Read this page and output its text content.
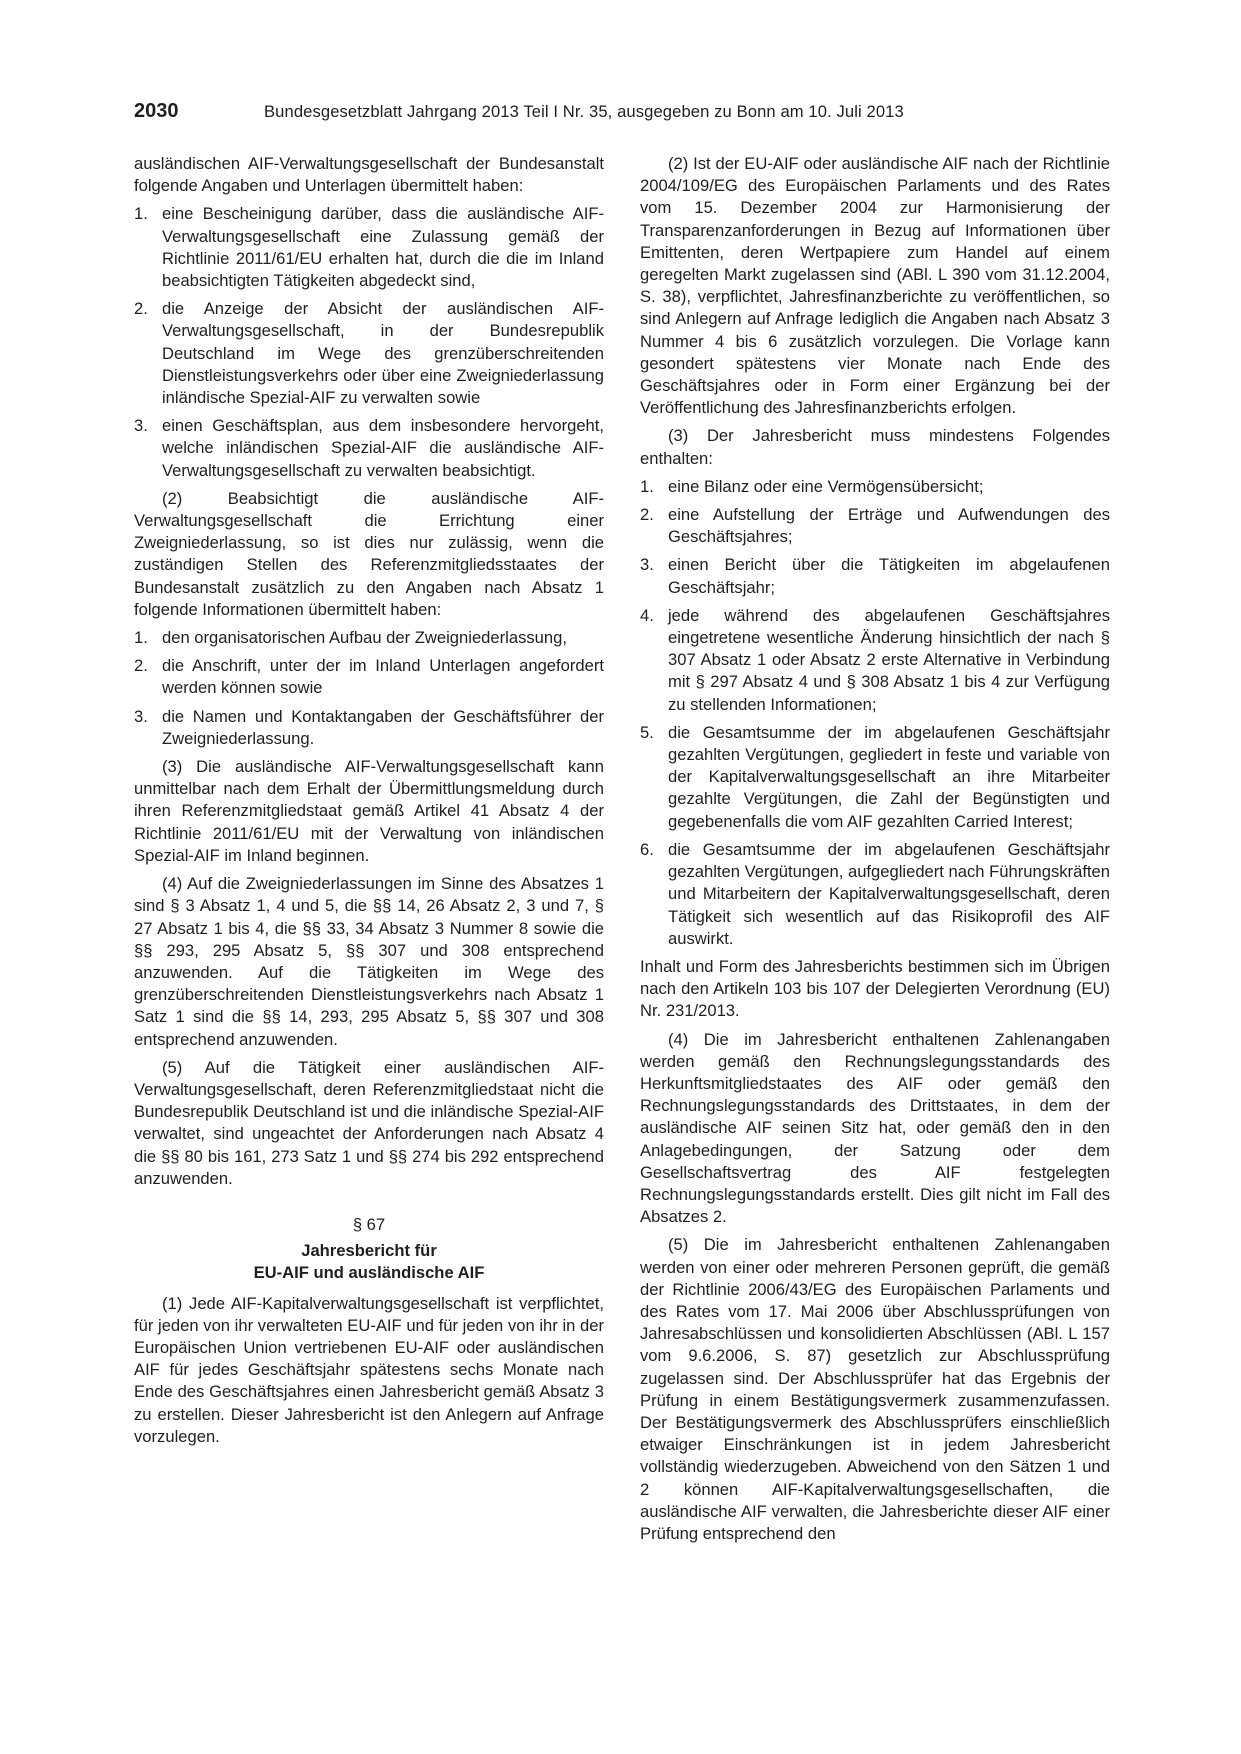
2030	Bundesgesetzblatt Jahrgang 2013 Teil I Nr. 35, ausgegeben zu Bonn am 10. Juli 2013

ausländischen AIF-Verwaltungsgesellschaft der Bundesanstalt folgende Angaben und Unterlagen übermittelt haben:

1. eine Bescheinigung darüber, dass die ausländische AIF-Verwaltungsgesellschaft eine Zulassung gemäß der Richtlinie 2011/61/EU erhalten hat, durch die die im Inland beabsichtigten Tätigkeiten abgedeckt sind,
2. die Anzeige der Absicht der ausländischen AIF-Verwaltungsgesellschaft, in der Bundesrepublik Deutschland im Wege des grenzüberschreitenden Dienstleistungsverkehrs oder über eine Zweigniederlassung inländische Spezial-AIF zu verwalten sowie
3. einen Geschäftsplan, aus dem insbesondere hervorgeht, welche inländischen Spezial-AIF die ausländische AIF-Verwaltungsgesellschaft zu verwalten beabsichtigt.

(2) Beabsichtigt die ausländische AIF-Verwaltungsgesellschaft die Errichtung einer Zweigniederlassung, so ist dies nur zulässig, wenn die zuständigen Stellen des Referenzmitgliedsstaates der Bundesanstalt zusätzlich zu den Angaben nach Absatz 1 folgende Informationen übermittelt haben:

1. den organisatorischen Aufbau der Zweigniederlassung,
2. die Anschrift, unter der im Inland Unterlagen angefordert werden können sowie
3. die Namen und Kontaktangaben der Geschäftsführer der Zweigniederlassung.

(3) Die ausländische AIF-Verwaltungsgesellschaft kann unmittelbar nach dem Erhalt der Übermittlungsmeldung durch ihren Referenzmitgliedstaat gemäß Artikel 41 Absatz 4 der Richtlinie 2011/61/EU mit der Verwaltung von inländischen Spezial-AIF im Inland beginnen.

(4) Auf die Zweigniederlassungen im Sinne des Absatzes 1 sind § 3 Absatz 1, 4 und 5, die §§ 14, 26 Absatz 2, 3 und 7, § 27 Absatz 1 bis 4, die §§ 33, 34 Absatz 3 Nummer 8 sowie die §§ 293, 295 Absatz 5, §§ 307 und 308 entsprechend anzuwenden. Auf die Tätigkeiten im Wege des grenzüberschreitenden Dienstleistungsverkehrs nach Absatz 1 Satz 1 sind die §§ 14, 293, 295 Absatz 5, §§ 307 und 308 entsprechend anzuwenden.

(5) Auf die Tätigkeit einer ausländischen AIF-Verwaltungsgesellschaft, deren Referenzmitgliedstaat nicht die Bundesrepublik Deutschland ist und die inländische Spezial-AIF verwaltet, sind ungeachtet der Anforderungen nach Absatz 4 die §§ 80 bis 161, 273 Satz 1 und §§ 274 bis 292 entsprechend anzuwenden.

§ 67
Jahresbericht für
EU-AIF und ausländische AIF

(1) Jede AIF-Kapitalverwaltungsgesellschaft ist verpflichtet, für jeden von ihr verwalteten EU-AIF und für jeden von ihr in der Europäischen Union vertriebenen EU-AIF oder ausländischen AIF für jedes Geschäftsjahr spätestens sechs Monate nach Ende des Geschäftsjahres einen Jahresbericht gemäß Absatz 3 zu erstellen. Dieser Jahresbericht ist den Anlegern auf Anfrage vorzulegen.

(2) Ist der EU-AIF oder ausländische AIF nach der Richtlinie 2004/109/EG des Europäischen Parlaments und des Rates vom 15. Dezember 2004 zur Harmonisierung der Transparenzanforderungen in Bezug auf Informationen über Emittenten, deren Wertpapiere zum Handel auf einem geregelten Markt zugelassen sind (ABl. L 390 vom 31.12.2004, S. 38), verpflichtet, Jahresfinanzberichte zu veröffentlichen, so sind Anlegern auf Anfrage lediglich die Angaben nach Absatz 3 Nummer 4 bis 6 zusätzlich vorzulegen. Die Vorlage kann gesondert spätestens vier Monate nach Ende des Geschäftsjahres oder in Form einer Ergänzung bei der Veröffentlichung des Jahresfinanzberichts erfolgen.

(3) Der Jahresbericht muss mindestens Folgendes enthalten:

1. eine Bilanz oder eine Vermögensübersicht;
2. eine Aufstellung der Erträge und Aufwendungen des Geschäftsjahres;
3. einen Bericht über die Tätigkeiten im abgelaufenen Geschäftsjahr;
4. jede während des abgelaufenen Geschäftsjahres eingetretene wesentliche Änderung hinsichtlich der nach § 307 Absatz 1 oder Absatz 2 erste Alternative in Verbindung mit § 297 Absatz 4 und § 308 Absatz 1 bis 4 zur Verfügung zu stellenden Informationen;
5. die Gesamtsumme der im abgelaufenen Geschäftsjahr gezahlten Vergütungen, gegliedert in feste und variable von der Kapitalverwaltungsgesellschaft an ihre Mitarbeiter gezahlte Vergütungen, die Zahl der Begünstigten und gegebenenfalls die vom AIF gezahlten Carried Interest;
6. die Gesamtsumme der im abgelaufenen Geschäftsjahr gezahlten Vergütungen, aufgegliedert nach Führungskräften und Mitarbeitern der Kapitalverwaltungsgesellschaft, deren Tätigkeit sich wesentlich auf das Risikoprofil des AIF auswirkt.

Inhalt und Form des Jahresberichts bestimmen sich im Übrigen nach den Artikeln 103 bis 107 der Delegierten Verordnung (EU) Nr. 231/2013.

(4) Die im Jahresbericht enthaltenen Zahlenangaben werden gemäß den Rechnungslegungsstandards des Herkunftsmitgliedstaates des AIF oder gemäß den Rechnungslegungsstandards des Drittstaates, in dem der ausländische AIF seinen Sitz hat, oder gemäß den in den Anlagebedingungen, der Satzung oder dem Gesellschaftsvertrag des AIF festgelegten Rechnungslegungsstandards erstellt. Dies gilt nicht im Fall des Absatzes 2.

(5) Die im Jahresbericht enthaltenen Zahlenangaben werden von einer oder mehreren Personen geprüft, die gemäß der Richtlinie 2006/43/EG des Europäischen Parlaments und des Rates vom 17. Mai 2006 über Abschlussprüfungen von Jahresabschlüssen und konsolidierten Abschlüssen (ABl. L 157 vom 9.6.2006, S. 87) gesetzlich zur Abschlussprüfung zugelassen sind. Der Abschlussprüfer hat das Ergebnis der Prüfung in einem Bestätigungsvermerk zusammenzufassen. Der Bestätigungsvermerk des Abschlussprüfers einschließlich etwaiger Einschränkungen ist in jedem Jahresbericht vollständig wiederzugeben. Abweichend von den Sätzen 1 und 2 können AIF-Kapitalverwaltungsgesellschaften, die ausländische AIF verwalten, die Jahresberichte dieser AIF einer Prüfung entsprechend den
